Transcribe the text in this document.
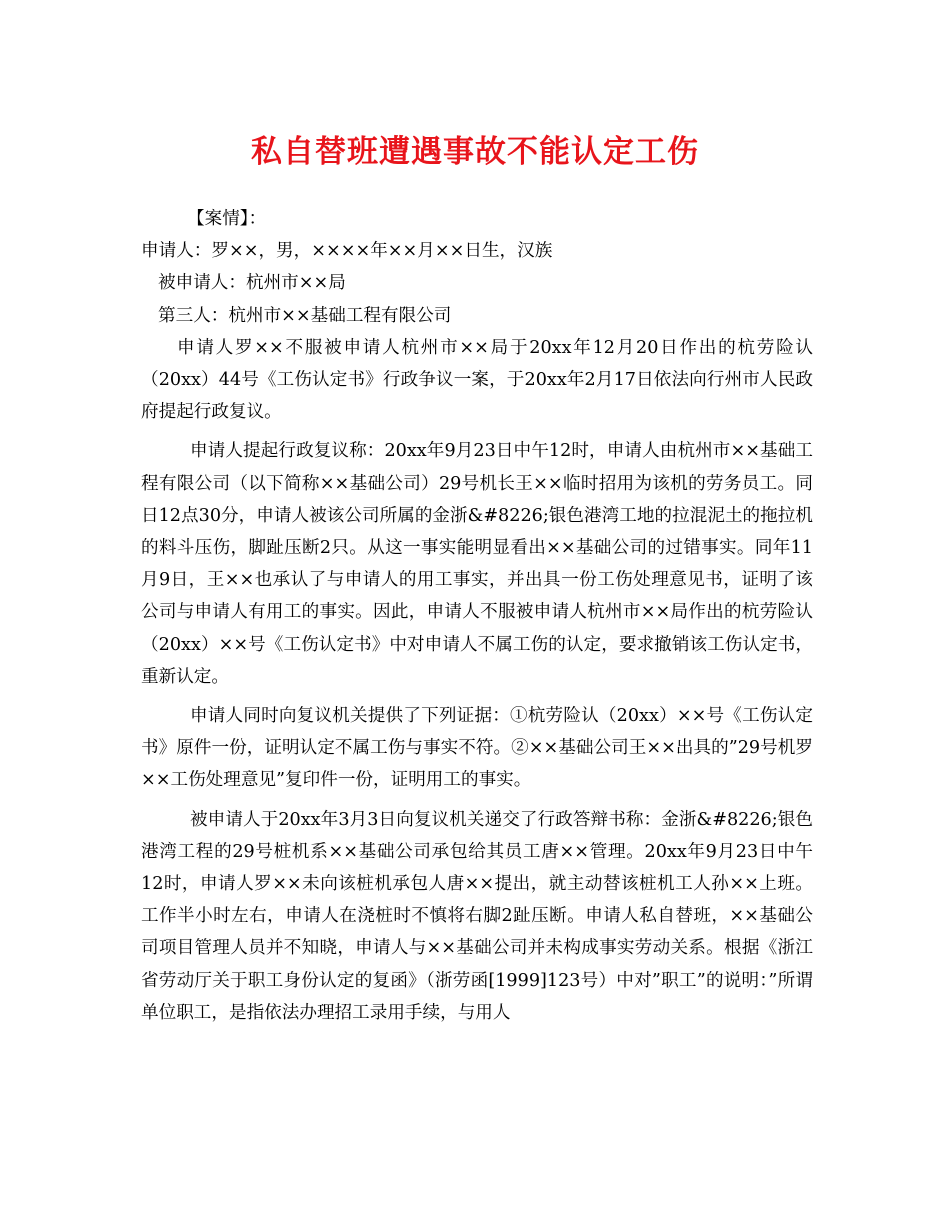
私自替班遭遇事故不能认定工伤

【案情】：

申请人：罗××，男，××××年××月××日生，汉族

被申请人：杭州市××局

第三人：杭州市××基础工程有限公司

申请人罗××不服被申请人杭州市××局于20xx年12月20日作出的杭劳险认（20xx）44号《工伤认定书》行政争议一案，于20xx年2月17日依法向行州市人民政府提起行政复议。

申请人提起行政复议称：20xx年9月23日中午12时，申请人由杭州市××基础工程有限公司（以下简称××基础公司）29号机长王××临时招用为该机的劳务员工。同日12点30分，申请人被该公司所属的金浙&#8226;银色港湾工地的拉混泥土的拖拉机的料斗压伤，脚趾压断2只。从这一事实能明显看出××基础公司的过错事实。同年11月9日，王××也承认了与申请人的用工事实，并出具一份工伤处理意见书，证明了该公司与申请人有用工的事实。因此，申请人不服被申请人杭州市××局作出的杭劳险认（20xx）××号《工伤认定书》中对申请人不属工伤的认定，要求撤销该工伤认定书，重新认定。

申请人同时向复议机关提供了下列证据：①杭劳险认（20xx）××号《工伤认定书》原件一份，证明认定不属工伤与事实不符。②××基础公司王××出具的”29号机罗××工伤处理意见”复印件一份，证明用工的事实。

被申请人于20xx年3月3日向复议机关递交了行政答辩书称：金浙&#8226;银色港湾工程的29号桩机系××基础公司承包给其员工唐××管理。20xx年9月23日中午12时，申请人罗××未向该桩机承包人唐××提出，就主动替该桩机工人孙××上班。工作半小时左右，申请人在浇桩时不慎将右脚2趾压断。申请人私自替班，××基础公司项目管理人员并不知晓，申请人与××基础公司并未构成事实劳动关系。根据《浙江省劳动厅关于职工身份认定的复函》（浙劳函[1999]123号）中对”职工”的说明：”所谓单位职工，是指依法办理招工录用手续，与用人
